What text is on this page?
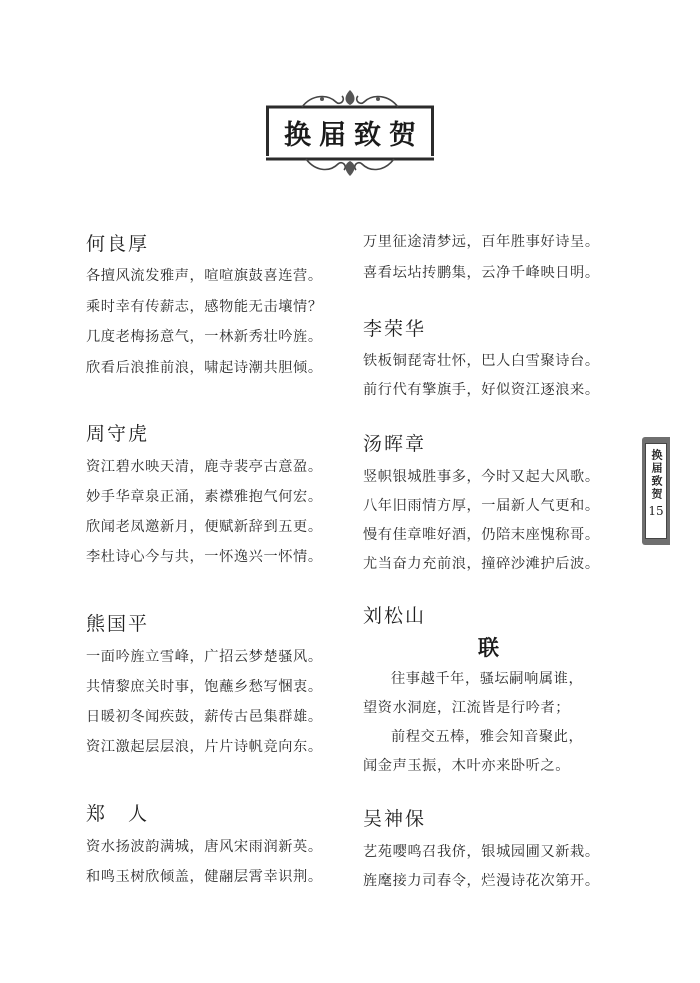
换届致贺
何良厚
各擅风流发雅声，喧喧旗鼓喜连营。
乘时幸有传薪志，感物能无击壤情？
几度老梅扬意气，一林新秀壮吟旌。
欣看后浪推前浪，啸起诗潮共胆倾。
周守虎
资江碧水映天清，鹿寺裴亭古意盈。
妙手华章泉正涌，素襟雅抱气何宏。
欣闻老凤邀新月，便赋新辞到五更。
李杜诗心今与共，一怀逸兴一怀情。
熊国平
一面吟旌立雪峰，广招云梦楚骚风。
共情黎庶关时事，饱蘸乡愁写悃衷。
日暖初冬闻疾鼓，薪传古邑集群雄。
资江激起层层浪，片片诗帆竞向东。
郑　人
资水扬波韵满城，唐风宋雨润新英。
和鸣玉树欣倾盖，健翮层霄幸识荆。
万里征途清梦远，百年胜事好诗呈。
喜看坛坫抟鹏集，云净千峰映日明。
李荣华
铁板铜琵寄壮怀，巴人白雪聚诗台。
前行代有擎旗手，好似资江逐浪来。
汤晖章
竖帜银城胜事多，今时又起大风歌。
八年旧雨情方厚，一届新人气更和。
慢有佳章唯好酒，仍陪末座愧称哥。
尤当奋力充前浪，撞碎沙滩护后波。
刘松山
联
往事越千年，骚坛嗣响属谁，
望资水洞庭，江流皆是行吟者；
前程交五棒，雅会知音聚此，
闻金声玉振，木叶亦来卧听之。
吴神保
艺苑嘤鸣召我侪，银城园圃又新栽。
旌麾接力司春令，烂漫诗花次第开。
换届致贺
15
